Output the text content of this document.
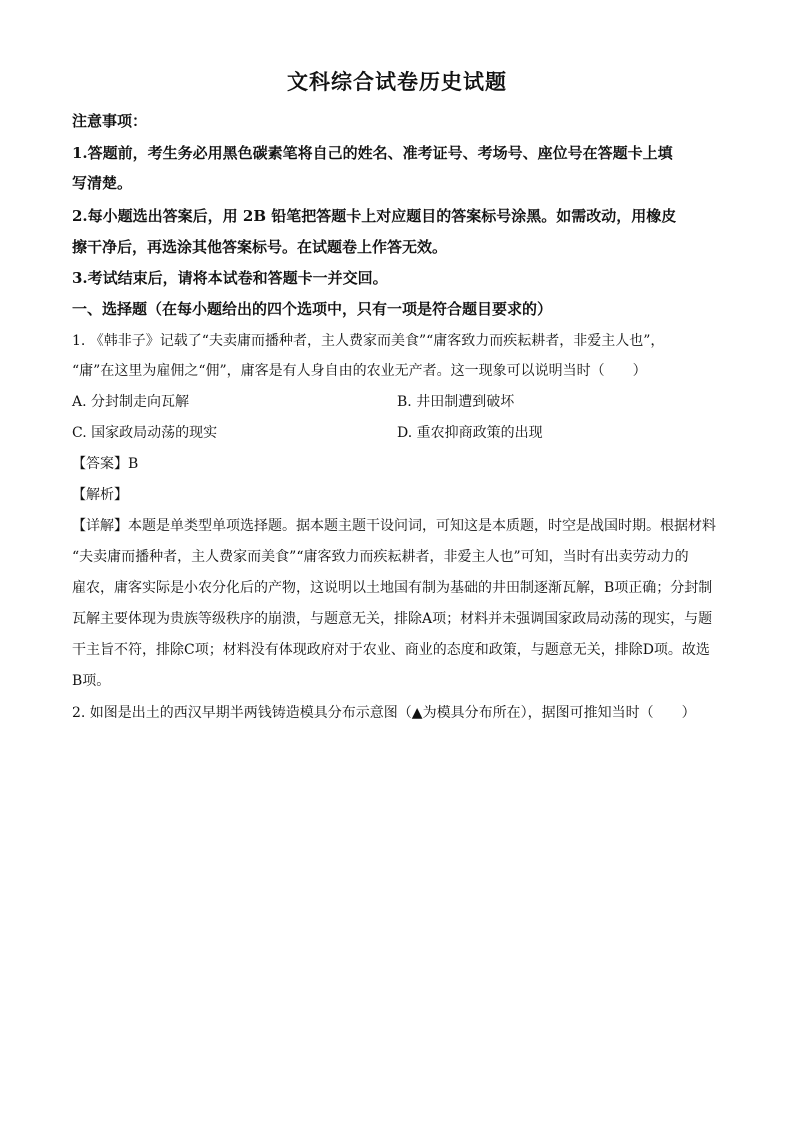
文科综合试卷历史试题
注意事项：
1.答题前，考生务必用黑色碳素笔将自己的姓名、准考证号、考场号、座位号在答题卡上填
写清楚。
2.每小题选出答案后，用 2B 铅笔把答题卡上对应题目的答案标号涂黑。如需改动，用橡皮
擦干净后，再选涂其他答案标号。在试题卷上作答无效。
3.考试结束后，请将本试卷和答题卡一并交回。
一、选择题（在每小题给出的四个选项中，只有一项是符合题目要求的）
1. 《韩非子》记载了“夫卖庸而播种者，主人费家而美食”“庸客致力而疾耘耕者，非爱主人也”，
“庸”在这里为雇佣之“佣”，庸客是有人身自由的农业无产者。这一现象可以说明当时（　　）
A. 分封制走向瓦解	B. 井田制遭到破坏
C. 国家政局动荡的现实	D. 重农抑商政策的出现
【答案】B
【解析】
【详解】本题是单类型单项选择题。据本题主题干设问词，可知这是本质题，时空是战国时期。根据材料
“夫卖庸而播种者，主人费家而美食”“庸客致力而疾耘耕者，非爱主人也”可知，当时有出卖劳动力的
雇农，庸客实际是小农分化后的产物，这说明以土地国有制为基础的井田制逐渐瓦解，B项正确；分封制
瓦解主要体现为贵族等级秩序的崩溃，与题意无关，排除A项；材料并未强调国家政局动荡的现实，与题
干主旨不符，排除C项；材料没有体现政府对于农业、商业的态度和政策，与题意无关，排除D项。故选
B项。
2. 如图是出土的西汉早期半两钱铸造模具分布示意图（▲为模具分布所在），据图可推知当时（　　）
